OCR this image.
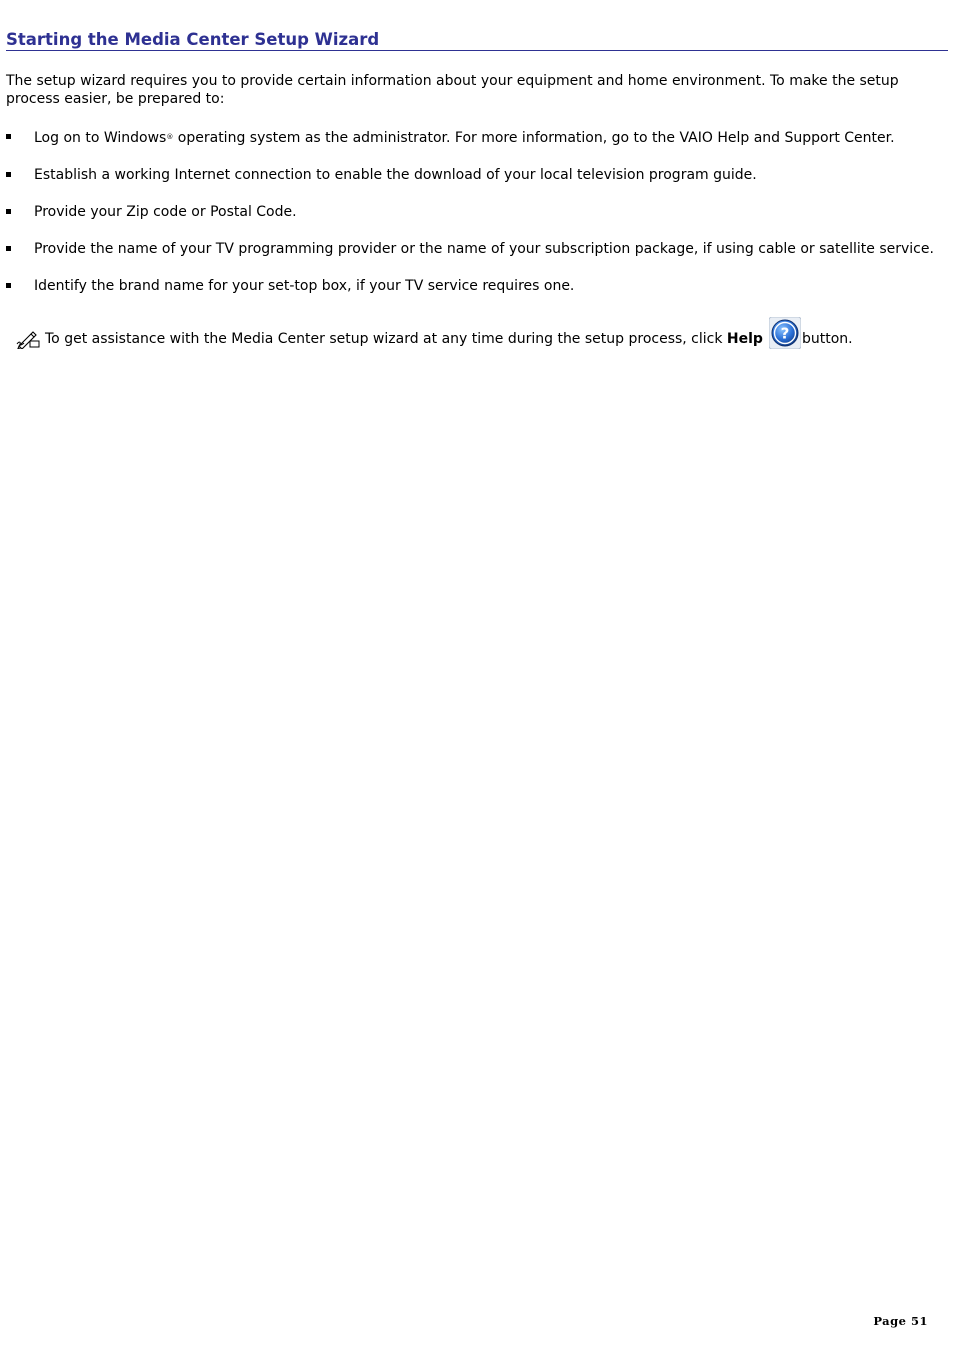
Starting the Media Center Setup Wizard

The setup wizard requires you to provide certain information about your equipment and home environment. To make the setup process easier, be prepared to:

Log on to Windows® operating system as the administrator. For more information, go to the VAIO Help and Support Center.
Establish a working Internet connection to enable the download of your local television program guide.
Provide your Zip code or Postal Code.
Provide the name of your TV programming provider or the name of your subscription package, if using cable or satellite service.
Identify the brand name for your set-top box, if your TV service requires one.
To get assistance with the Media Center setup wizard at any time during the setup process, click Help ? button.
Page 51
